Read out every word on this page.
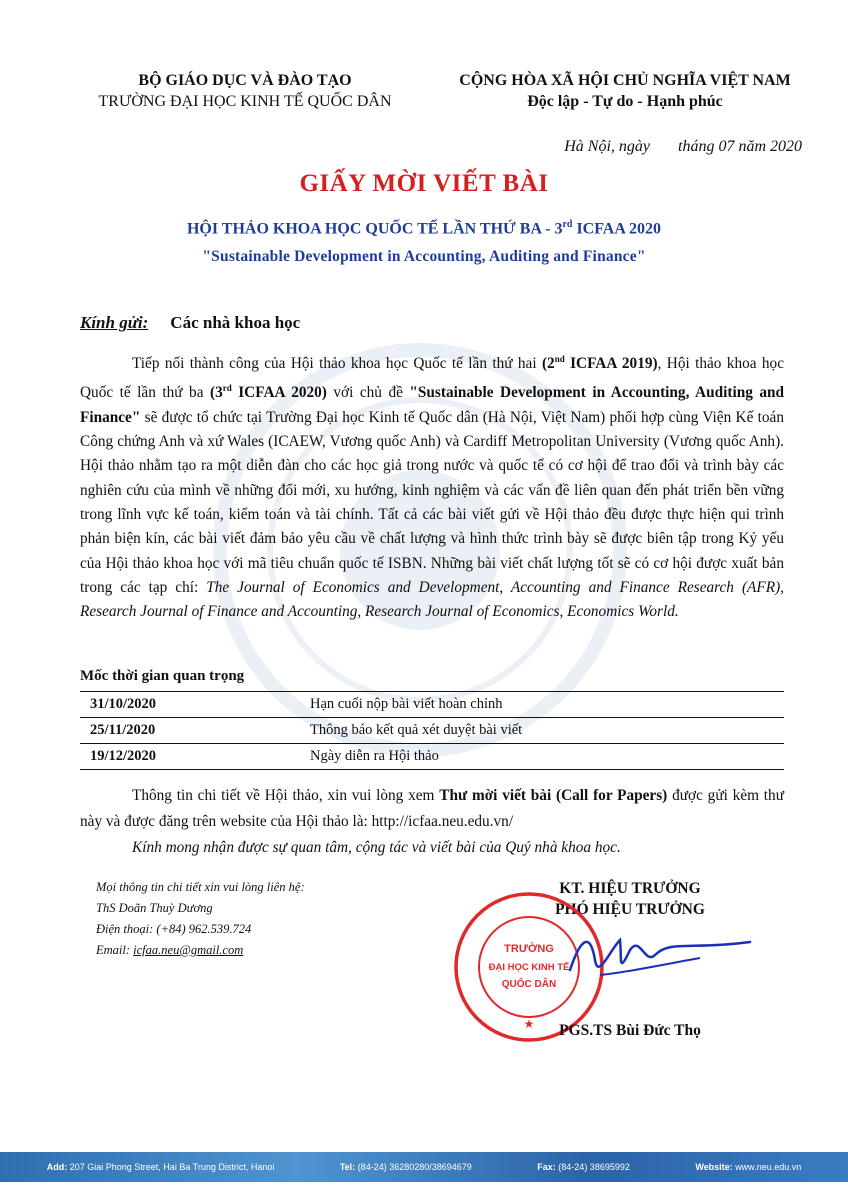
BỘ GIÁO DỤC VÀ ĐÀO TẠO
TRƯỜNG ĐẠI HỌC KINH TẾ QUỐC DÂN
CỘNG HÒA XÃ HỘI CHỦ NGHĨA VIỆT NAM
Độc lập - Tự do - Hạnh phúc
Hà Nội, ngày       tháng 07 năm 2020
GIẤY MỜI VIẾT BÀI
HỘI THẢO KHOA HỌC QUỐC TẾ LẦN THỨ BA - 3rd ICFAA 2020
"Sustainable Development in Accounting, Auditing and Finance"
Kính gửi: Các nhà khoa học

Tiếp nối thành công của Hội thảo khoa học Quốc tế lần thứ hai (2nd ICFAA 2019), Hội thảo khoa học Quốc tế lần thứ ba (3rd ICFAA 2020) với chủ đề "Sustainable Development in Accounting, Auditing and Finance" sẽ được tổ chức tại Trường Đại học Kinh tế Quốc dân (Hà Nội, Việt Nam) phối hợp cùng Viện Kế toán Công chứng Anh và xứ Wales (ICAEW, Vương quốc Anh) và Cardiff Metropolitan University (Vương quốc Anh). Hội thảo nhằm tạo ra một diễn đàn cho các học giả trong nước và quốc tế có cơ hội để trao đổi và trình bày các nghiên cứu của mình về những đổi mới, xu hướng, kinh nghiệm và các vấn đề liên quan đến phát triển bền vững trong lĩnh vực kế toán, kiểm toán và tài chính. Tất cả các bài viết gửi về Hội thảo đều được thực hiện qui trình phản biện kín, các bài viết đảm bảo yêu cầu về chất lượng và hình thức trình bày sẽ được biên tập trong Kỷ yếu của Hội thảo khoa học với mã tiêu chuẩn quốc tế ISBN. Những bài viết chất lượng tốt sẽ có cơ hội được xuất bản trong các tạp chí: The Journal of Economics and Development, Accounting and Finance Research (AFR), Research Journal of Finance and Accounting, Research Journal of Economics, Economics World.

Mốc thời gian quan trọng
31/10/2020	Hạn cuối nộp bài viết hoàn chỉnh
25/11/2020	Thông báo kết quả xét duyệt bài viết
19/12/2020	Ngày diễn ra Hội thảo

Thông tin chi tiết về Hội thảo, xin vui lòng xem Thư mời viết bài (Call for Papers) được gửi kèm thư này và được đăng trên website của Hội thảo là: http://icfaa.neu.edu.vn/

Kính mong nhận được sự quan tâm, cộng tác và viết bài của Quý nhà khoa học.

Mọi thông tin chi tiết xin vui lòng liên hệ:
ThS Doãn Thuỳ Dương
Điện thoại: (+84) 962.539.724
Email: icfaa.neu@gmail.com
KT. HIỆU TRƯỞNG
PHÓ HIỆU TRƯỞNG
TRƯỜNG
ĐẠI HỌC KINH TẾ
QUỐC DÂN
★	PGS.TS Bùi Đức Thọ
Add: 207 Giai Phong Street, Hai Ba Trung District, Hanoi	Tel: (84-24) 36280280/38694679	Fax: (84-24) 38695992	Website: www.neu.edu.vn
